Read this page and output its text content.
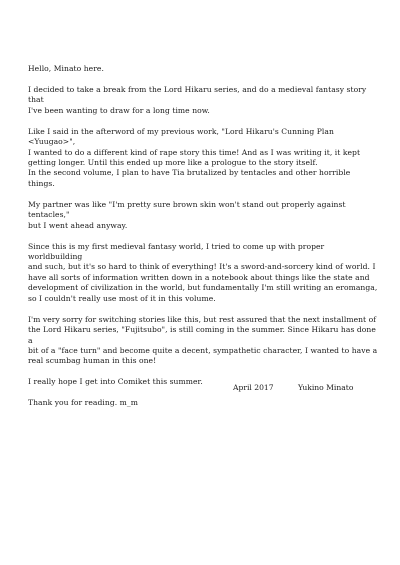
Hello, Minato here.

I decided to take a break from the Lord Hikaru series, and do a medieval fantasy story that
I've been wanting to draw for a long time now.

Like I said in the afterword of my previous work, "Lord Hikaru's Cunning Plan <Yuugao>",
I wanted to do a different kind of rape story this time! And as I was writing it, it kept
getting longer. Until this ended up more like a prologue to the story itself.
In the second volume, I plan to have Tia brutalized by tentacles and other horrible things.

My partner was like "I'm pretty sure brown skin won't stand out properly against tentacles,"
but I went ahead anyway.

Since this is my first medieval fantasy world, I tried to come up with proper worldbuilding
and such, but it's so hard to think of everything! It's a sword-and-sorcery kind of world. I
have all sorts of information written down in a notebook about things like the state and
development of civilization in the world, but fundamentally I'm still writing an eromanga,
so I couldn't really use most of it in this volume.

I'm very sorry for switching stories like this, but rest assured that the next installment of
the Lord Hikaru series, "Fujitsubo", is still coming in the summer. Since Hikaru has done a
bit of a "face turn" and become quite a decent, sympathetic character, I wanted to have a
real scumbag human in this one!

I really hope I get into Comiket this summer.

Thank you for reading. m_m

April 2017	Yukino Minato
